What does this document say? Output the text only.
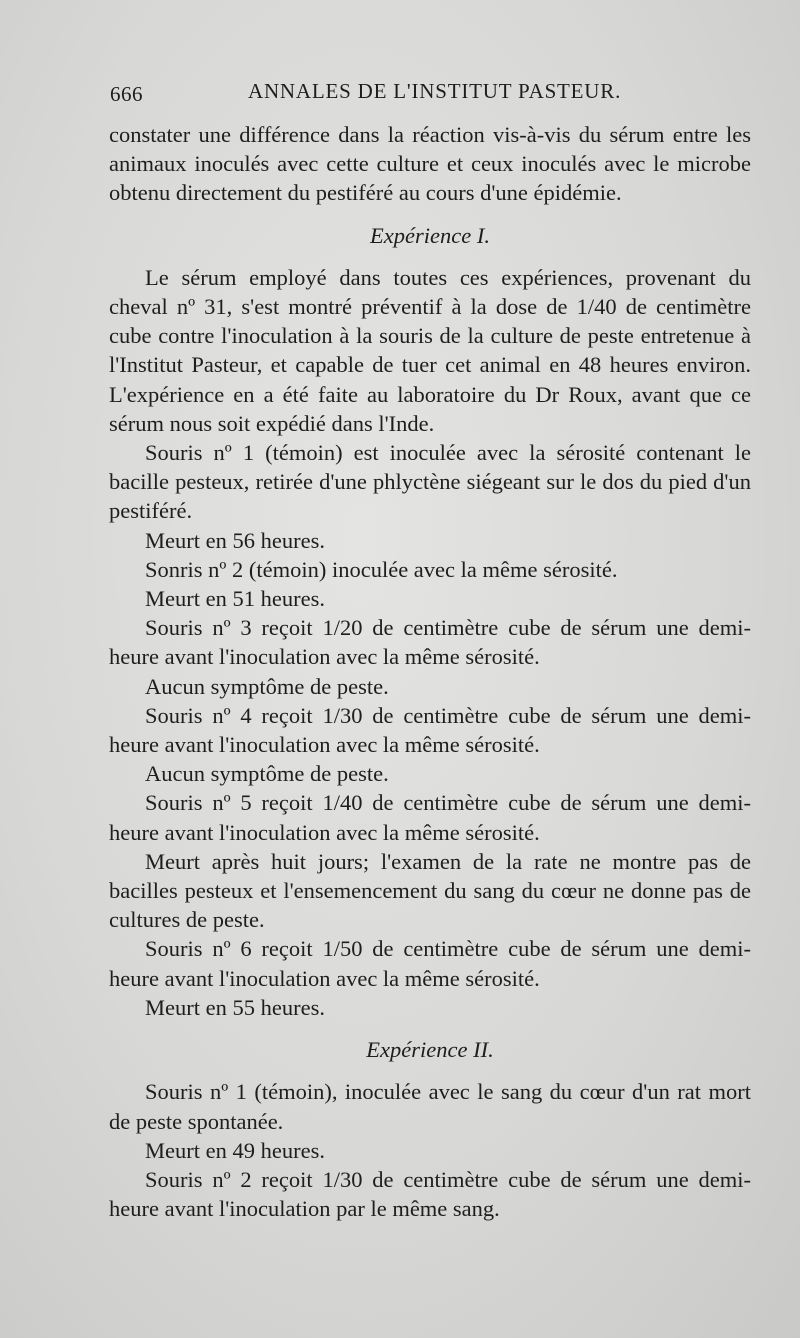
666	ANNALES DE L'INSTITUT PASTEUR.

constater une différence dans la réaction vis-à-vis du sérum entre les animaux inoculés avec cette culture et ceux inoculés avec le microbe obtenu directement du pestiféré au cours d'une épidémie.

Expérience I.

Le sérum employé dans toutes ces expériences, provenant du cheval nº 31, s'est montré préventif à la dose de 1/40 de centimètre cube contre l'inoculation à la souris de la culture de peste entretenue à l'Institut Pasteur, et capable de tuer cet animal en 48 heures environ. L'expérience en a été faite au laboratoire du Dr Roux, avant que ce sérum nous soit expédié dans l'Inde.

Souris nº 1 (témoin) est inoculée avec la sérosité contenant le bacille pesteux, retirée d'une phlyctène siégeant sur le dos du pied d'un pestiféré.

Meurt en 56 heures.

Sonris nº 2 (témoin) inoculée avec la même sérosité.

Meurt en 51 heures.

Souris nº 3 reçoit 1/20 de centimètre cube de sérum une demi-heure avant l'inoculation avec la même sérosité.

Aucun symptôme de peste.

Souris nº 4 reçoit 1/30 de centimètre cube de sérum une demi-heure avant l'inoculation avec la même sérosité.

Aucun symptôme de peste.

Souris nº 5 reçoit 1/40 de centimètre cube de sérum une demi-heure avant l'inoculation avec la même sérosité.

Meurt après huit jours; l'examen de la rate ne montre pas de bacilles pesteux et l'ensemencement du sang du cœur ne donne pas de cultures de peste.

Souris nº 6 reçoit 1/50 de centimètre cube de sérum une demi-heure avant l'inoculation avec la même sérosité.

Meurt en 55 heures.

Expérience II.

Souris nº 1 (témoin), inoculée avec le sang du cœur d'un rat mort de peste spontanée.

Meurt en 49 heures.

Souris nº 2 reçoit 1/30 de centimètre cube de sérum une demi-heure avant l'inoculation par le même sang.
